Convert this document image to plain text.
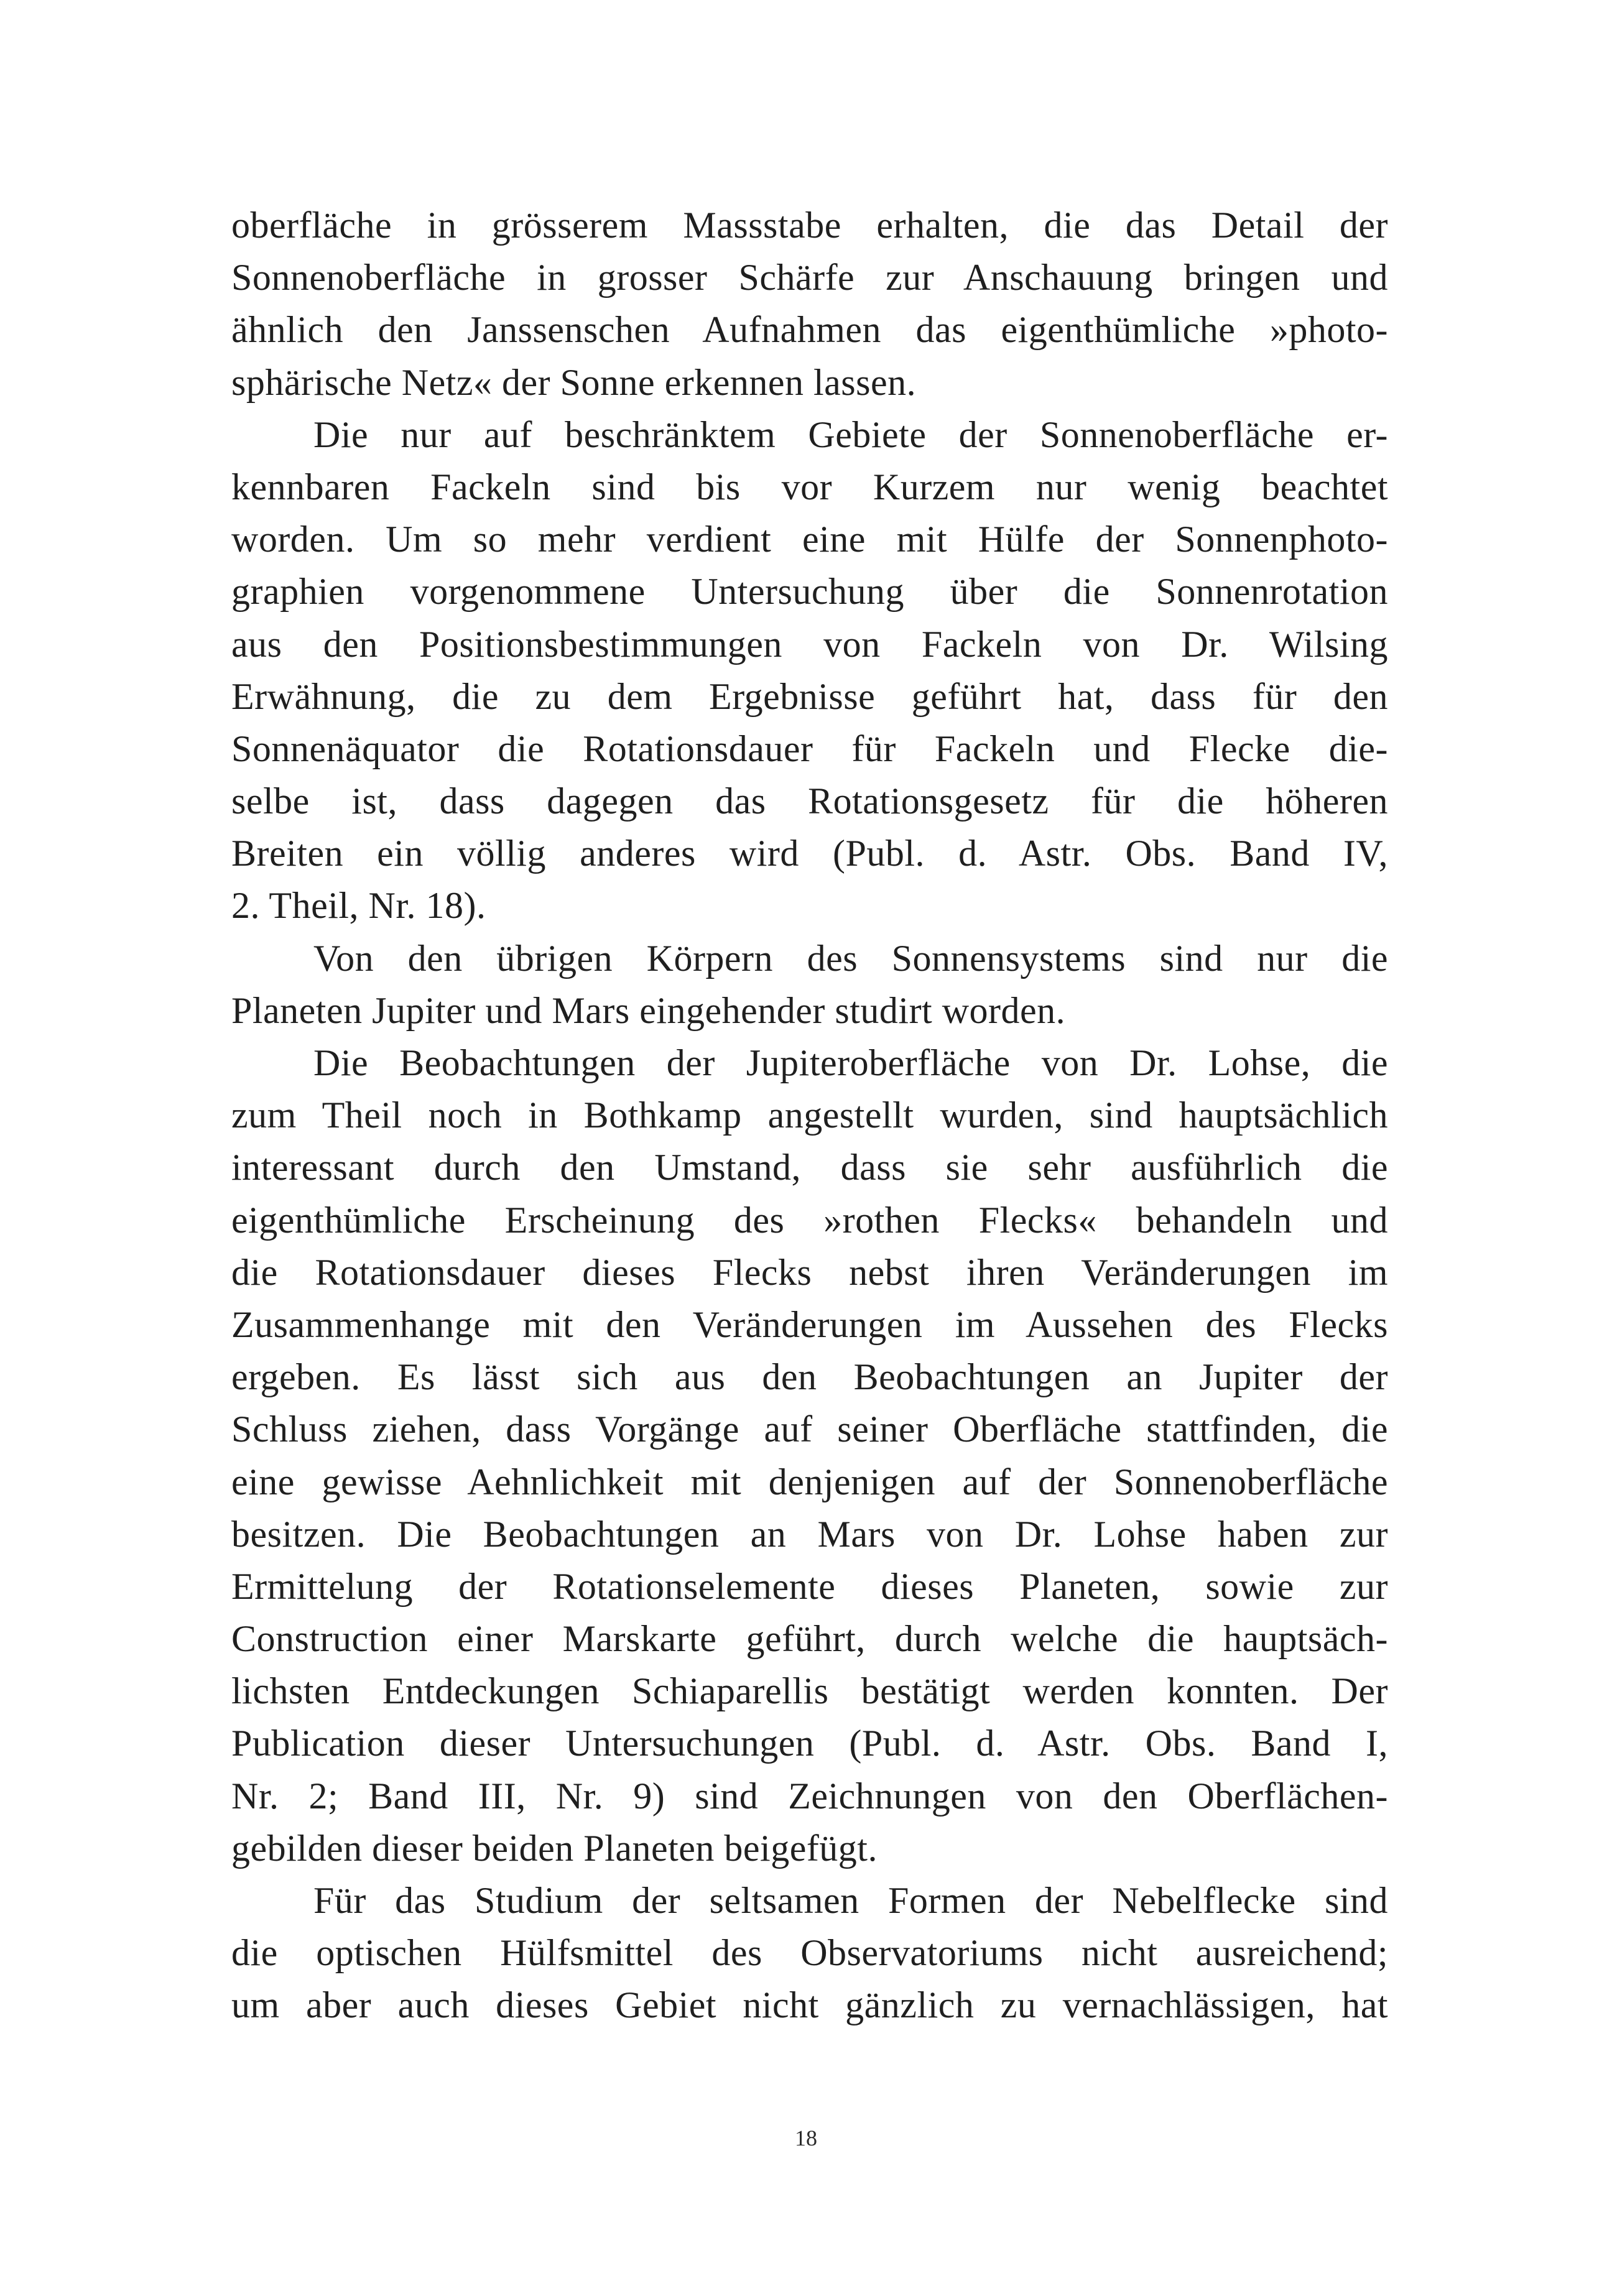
oberfläche in grösserem Massstabe erhalten, die das Detail der
Sonnenoberfläche in grosser Schärfe zur Anschauung bringen und
ähnlich den Janssenschen Aufnahmen das eigenthümliche »photo-
sphärische Netz« der Sonne erkennen lassen.
Die nur auf beschränktem Gebiete der Sonnenoberfläche er-
kennbaren Fackeln sind bis vor Kurzem nur wenig beachtet
worden. Um so mehr verdient eine mit Hülfe der Sonnenphoto-
graphien vorgenommene Untersuchung über die Sonnenrotation
aus den Positionsbestimmungen von Fackeln von Dr. Wilsing
Erwähnung, die zu dem Ergebnisse geführt hat, dass für den
Sonnenäquator die Rotationsdauer für Fackeln und Flecke die-
selbe ist, dass dagegen das Rotationsgesetz für die höheren
Breiten ein völlig anderes wird (Publ. d. Astr. Obs. Band IV,
2. Theil, Nr. 18).
Von den übrigen Körpern des Sonnensystems sind nur die
Planeten Jupiter und Mars eingehender studirt worden.
Die Beobachtungen der Jupiteroberfläche von Dr. Lohse, die
zum Theil noch in Bothkamp angestellt wurden, sind hauptsächlich
interessant durch den Umstand, dass sie sehr ausführlich die
eigenthümliche Erscheinung des »rothen Flecks« behandeln und
die Rotationsdauer dieses Flecks nebst ihren Veränderungen im
Zusammenhange mit den Veränderungen im Aussehen des Flecks
ergeben. Es lässt sich aus den Beobachtungen an Jupiter der
Schluss ziehen, dass Vorgänge auf seiner Oberfläche stattfinden, die
eine gewisse Aehnlichkeit mit denjenigen auf der Sonnenoberfläche
besitzen. Die Beobachtungen an Mars von Dr. Lohse haben zur
Ermittelung der Rotationselemente dieses Planeten, sowie zur
Construction einer Marskarte geführt, durch welche die hauptsäch-
lichsten Entdeckungen Schiaparellis bestätigt werden konnten. Der
Publication dieser Untersuchungen (Publ. d. Astr. Obs. Band I,
Nr. 2; Band III, Nr. 9) sind Zeichnungen von den Oberflächen-
gebilden dieser beiden Planeten beigefügt.
Für das Studium der seltsamen Formen der Nebelflecke sind
die optischen Hülfsmittel des Observatoriums nicht ausreichend;
um aber auch dieses Gebiet nicht gänzlich zu vernachlässigen, hat
18
